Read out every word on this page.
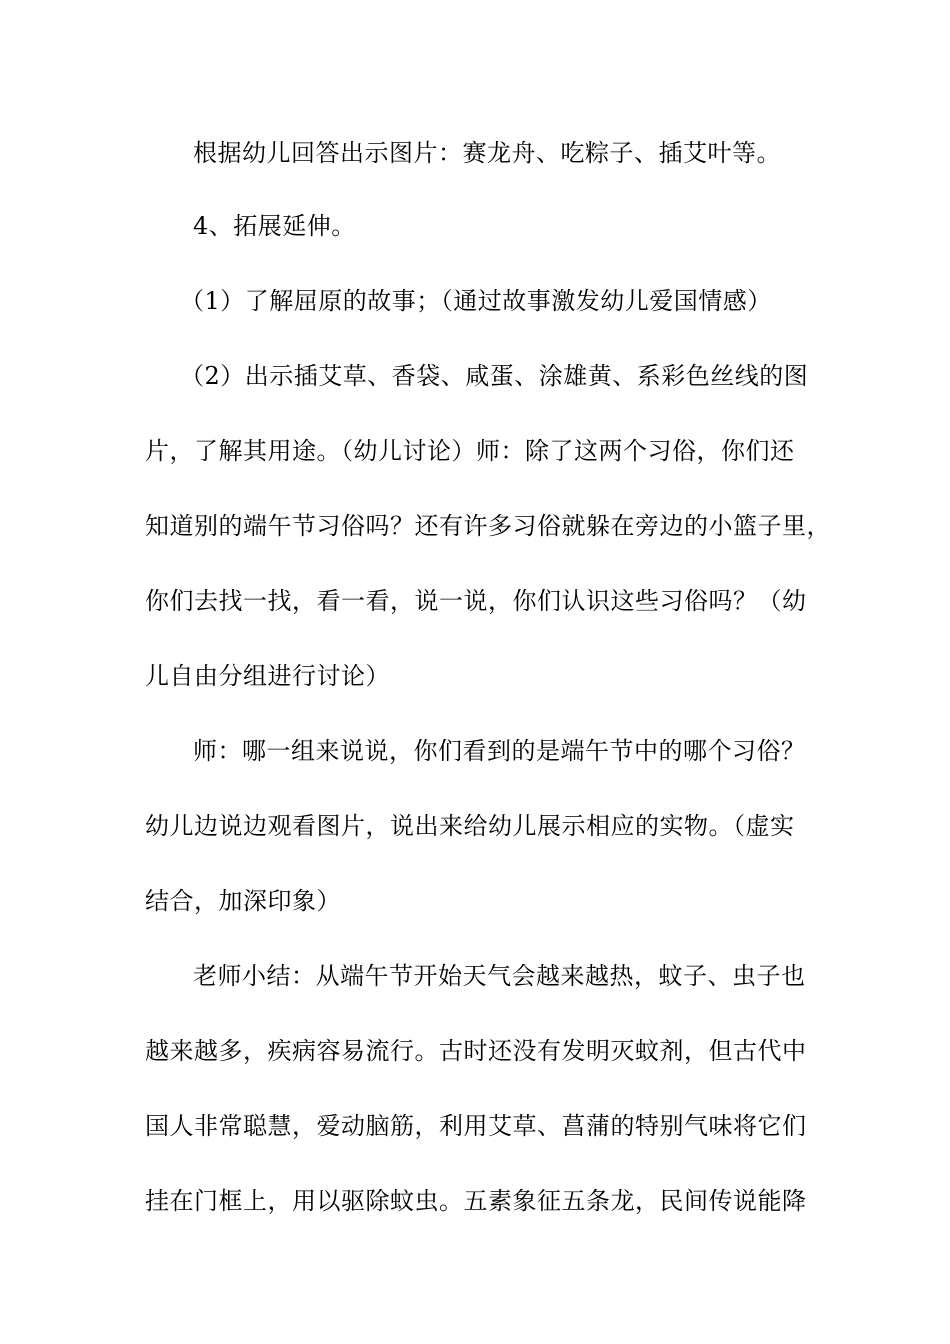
根据幼儿回答出示图片：赛龙舟、吃粽子、插艾叶等。
4、拓展延伸。
（1）了解屈原的故事；（通过故事激发幼儿爱国情感）
（2）出示插艾草、香袋、咸蛋、涂雄黄、系彩色丝线的图
片，了解其用途。（幼儿讨论）师：除了这两个习俗，你们还
知道别的端午节习俗吗？还有许多习俗就躲在旁边的小篮子里，
你们去找一找，看一看，说一说，你们认识这些习俗吗？（幼
儿自由分组进行讨论）
师：哪一组来说说，你们看到的是端午节中的哪个习俗？
幼儿边说边观看图片，说出来给幼儿展示相应的实物。（虚实
结合，加深印象）
老师小结：从端午节开始天气会越来越热，蚊子、虫子也
越来越多，疾病容易流行。古时还没有发明灭蚊剂，但古代中
国人非常聪慧，爱动脑筋，利用艾草、菖蒲的特别气味将它们
挂在门框上，用以驱除蚊虫。五素象征五条龙，民间传说能降
